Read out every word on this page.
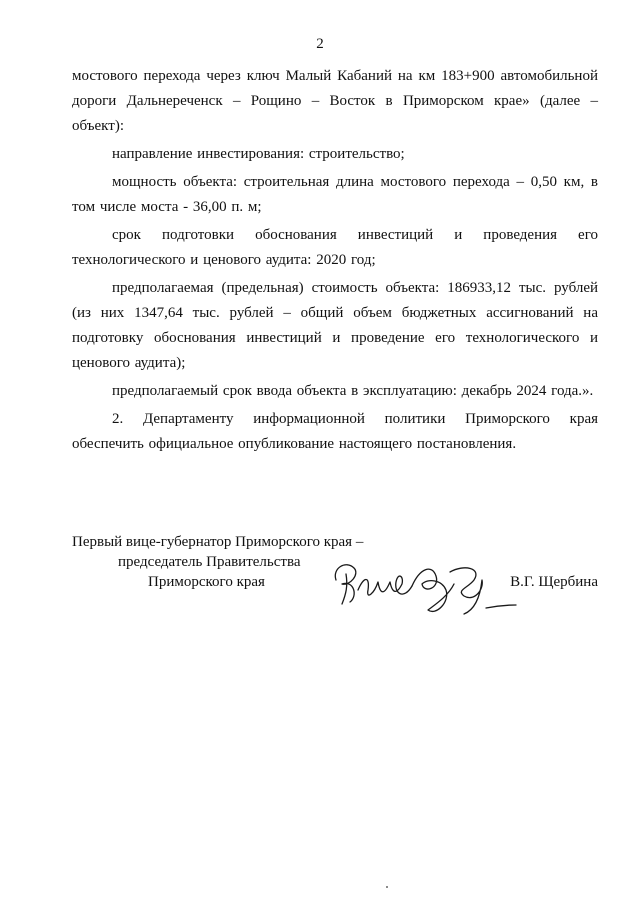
2

мостового перехода через ключ Малый Кабаний на км 183+900 автомобильной дороги Дальнереченск – Рощино – Восток в Приморском крае» (далее – объект):

направление инвестирования: строительство;

мощность объекта: строительная длина мостового перехода – 0,50 км, в том числе моста - 36,00 п. м;

срок подготовки обоснования инвестиций и проведения его технологического и ценового аудита: 2020 год;

предполагаемая (предельная) стоимость объекта: 186933,12 тыс. рублей (из них 1347,64 тыс. рублей – общий объем бюджетных ассигнований на подготовку обоснования инвестиций и проведение его технологического и ценового аудита);

предполагаемый срок ввода объекта в эксплуатацию: декабрь 2024 года.».

2. Департаменту информационной политики Приморского края обеспечить официальное опубликование настоящего постановления.

Первый вице-губернатор Приморского края –
председатель Правительства
Приморского края	В.Г. Щербина
